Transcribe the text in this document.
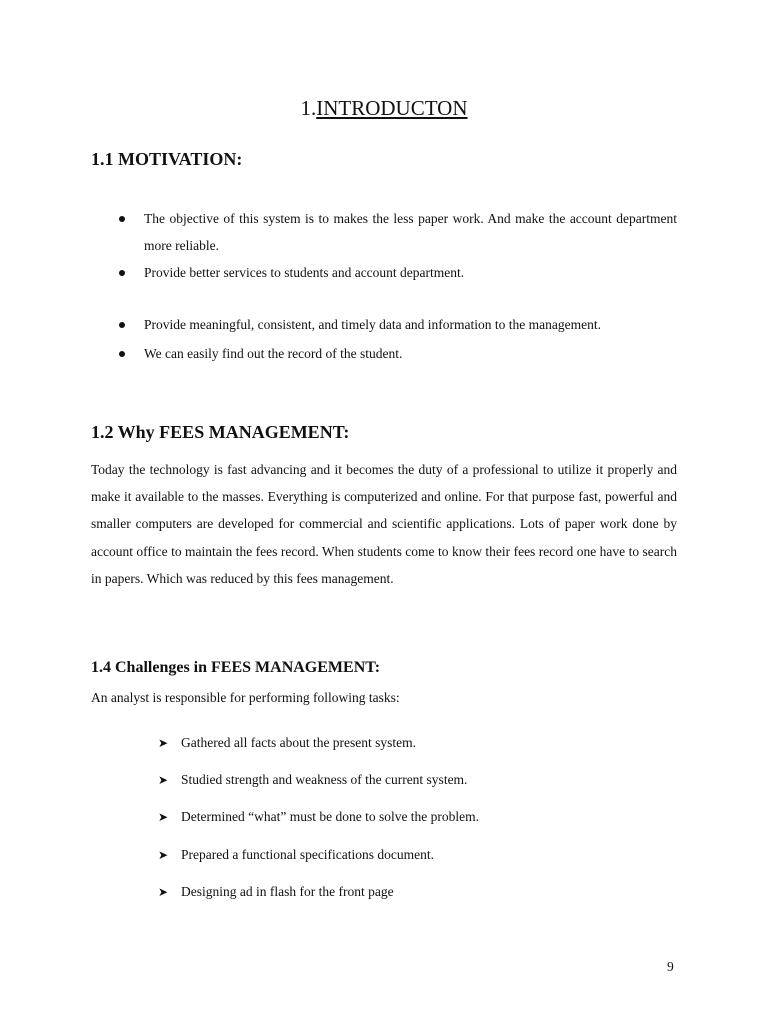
1.INTRODUCTON
1.1 MOTIVATION:
The objective of this system is to makes the less paper work. And make the account department more reliable.
Provide better services to students and account department.
Provide meaningful, consistent, and timely data and information to the management.
We can easily find out the record of the student.
1.2 Why FEES MANAGEMENT:

Today the technology is fast advancing and it becomes the duty of a professional to utilize it properly and make it available to the masses. Everything is computerized and online. For that purpose fast, powerful and smaller computers are developed for commercial and scientific applications. Lots of paper work done by account office to maintain the fees record. When students come to know their fees record one have to search in papers. Which was reduced by this fees management.

1.4 Challenges in FEES MANAGEMENT:
An analyst is responsible for performing following tasks:
➤ Gathered all facts about the present system.
➤ Studied strength and weakness of the current system.
➤ Determined “what” must be done to solve the problem.
➤ Prepared a functional specifications document.
➤ Designing ad in flash for the front page
9
